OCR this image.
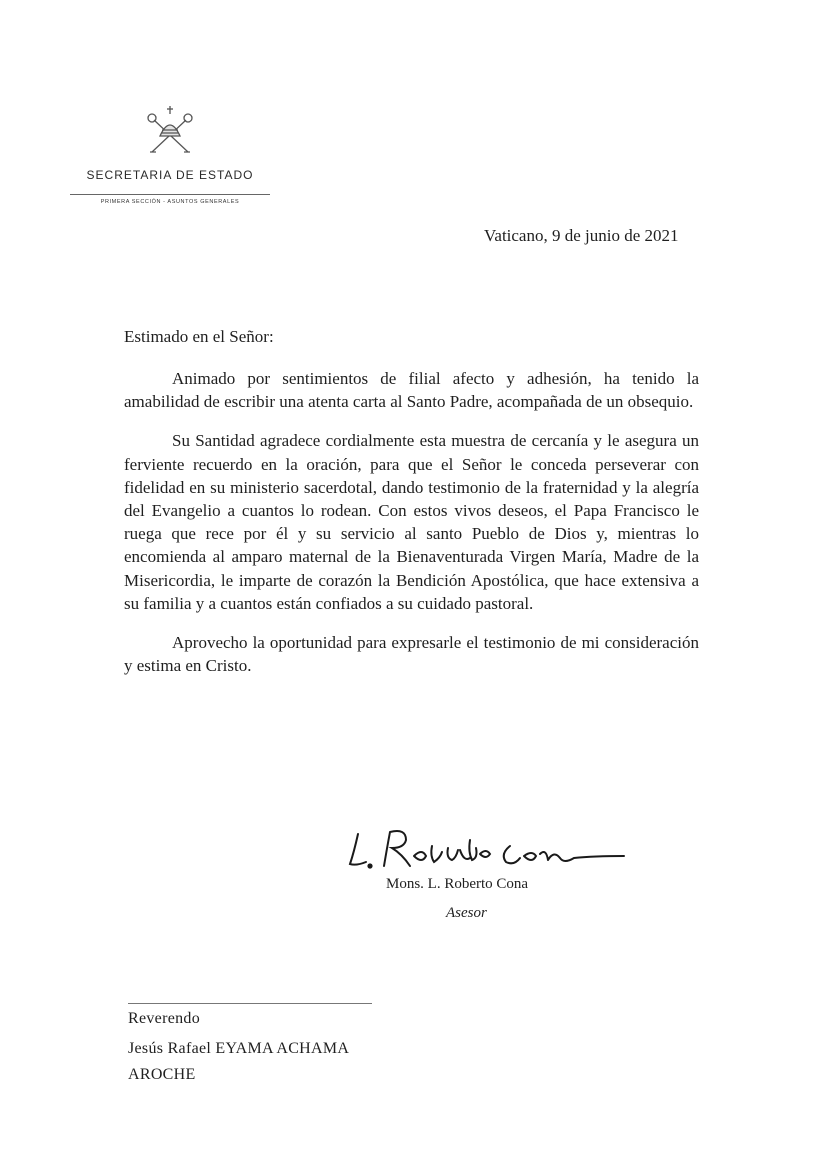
SECRETARIA DE ESTADO
PRIMERA SECCIÓN - ASUNTOS GENERALES
Vaticano, 9 de junio de 2021
Estimado en el Señor:

Animado por sentimientos de filial afecto y adhesión, ha tenido la amabilidad de escribir una atenta carta al Santo Padre, acompañada de un obsequio.

Su Santidad agradece cordialmente esta muestra de cercanía y le asegura un ferviente recuerdo en la oración, para que el Señor le conceda perseverar con fidelidad en su ministerio sacerdotal, dando testimonio de la fraternidad y la alegría del Evangelio a cuantos lo rodean. Con estos vivos deseos, el Papa Francisco le ruega que rece por él y su servicio al santo Pueblo de Dios y, mientras lo encomienda al amparo maternal de la Bienaventurada Virgen María, Madre de la Misericordia, le imparte de corazón la Bendición Apostólica, que hace extensiva a su familia y a cuantos están confiados a su cuidado pastoral.

Aprovecho la oportunidad para expresarle el testimonio de mi consideración y estima en Cristo.

Mons. L. Roberto Cona
Asesor
Reverendo
Jesús Rafael EYAMA ACHAMA
AROCHE
